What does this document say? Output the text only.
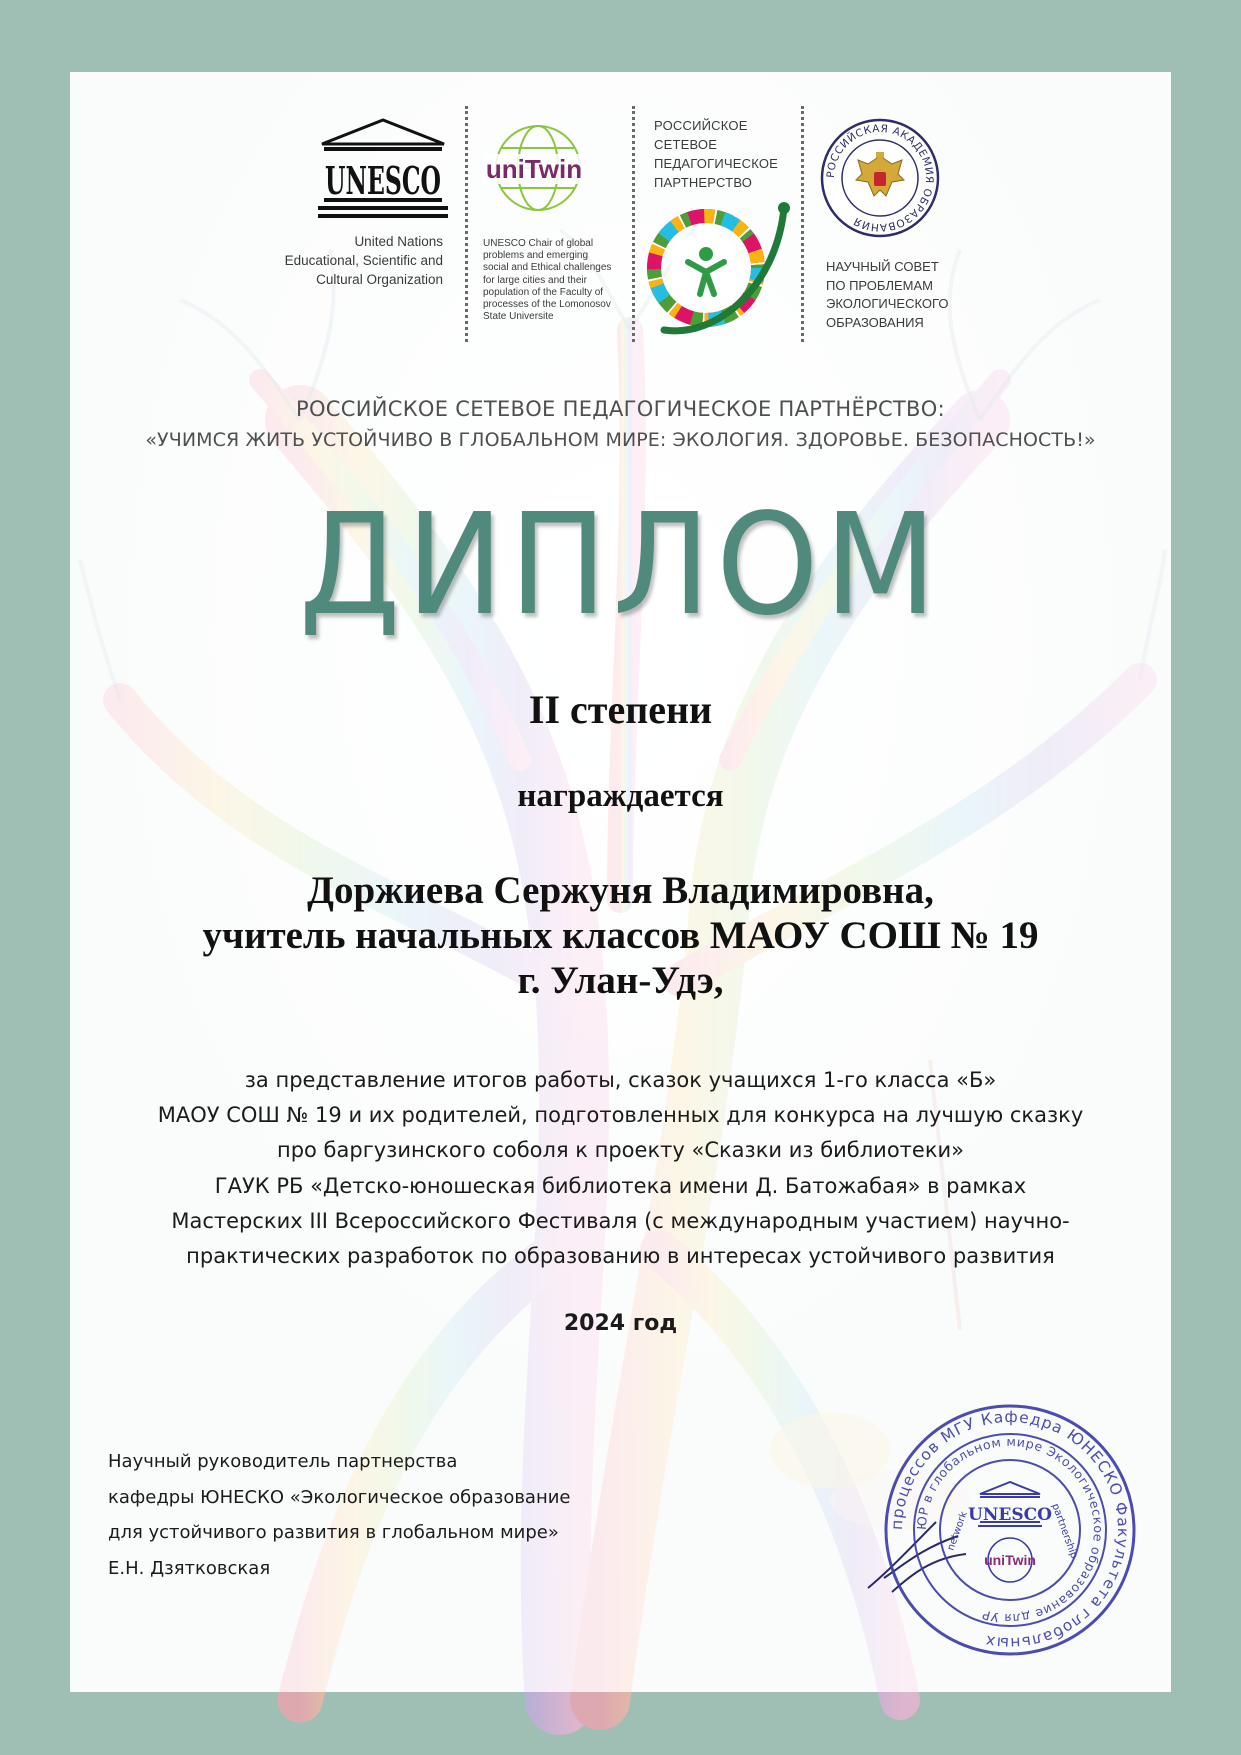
UNESCO
United Nations
Educational, Scientific and
Cultural Organization
uniTwin
UNESCO Chair of global
problems and emerging
social and Ethical challenges
for large cities and their
population of the Faculty of
processes of the Lomonosov
State Universite
РОССИЙСКОЕ
СЕТЕВОЕ
ПЕДАГОГИЧЕСКОЕ
ПАРТНЕРСТВО
РОССИЙСКАЯ АКАДЕМИЯ ОБРАЗОВАНИЯ
НАУЧНЫЙ СОВЕТ
ПО ПРОБЛЕМАМ
ЭКОЛОГИЧЕСКОГО
ОБРАЗОВАНИЯ
РОССИЙСКОЕ СЕТЕВОЕ ПЕДАГОГИЧЕСКОЕ ПАРТНЁРСТВО:
«УЧИМСЯ ЖИТЬ УСТОЙЧИВО В ГЛОБАЛЬНОМ МИРЕ: ЭКОЛОГИЯ. ЗДОРОВЬЕ. БЕЗОПАСНОСТЬ!»
ДИПЛОМ
II степени
награждается
Доржиева Сержуня Владимировна,
учитель начальных классов МАОУ СОШ № 19
г. Улан-Удэ,
за представление итогов работы, сказок учащихся 1-го класса «Б»
МАОУ СОШ № 19 и их родителей, подготовленных для конкурса на лучшую сказку
про баргузинского соболя к проекту «Сказки из библиотеки»
ГАУК РБ «Детско-юношеская библиотека имени Д. Батожабая» в рамках
Мастерских III Всероссийского Фестиваля (с международным участием) научно-
практических разработок по образованию в интересах устойчивого развития
2024 год
Научный руководитель партнерства
кафедры ЮНЕСКО «Экологическое образование
для устойчивого развития в глобальном мире»
Е.Н. Дзятковская
процессов МГУ Кафедра ЮНЕСКО Факультета глобальных
ЮР в глобальном мире Экологическое образование для УР
UNESCO
network	partnership
uniTwin
